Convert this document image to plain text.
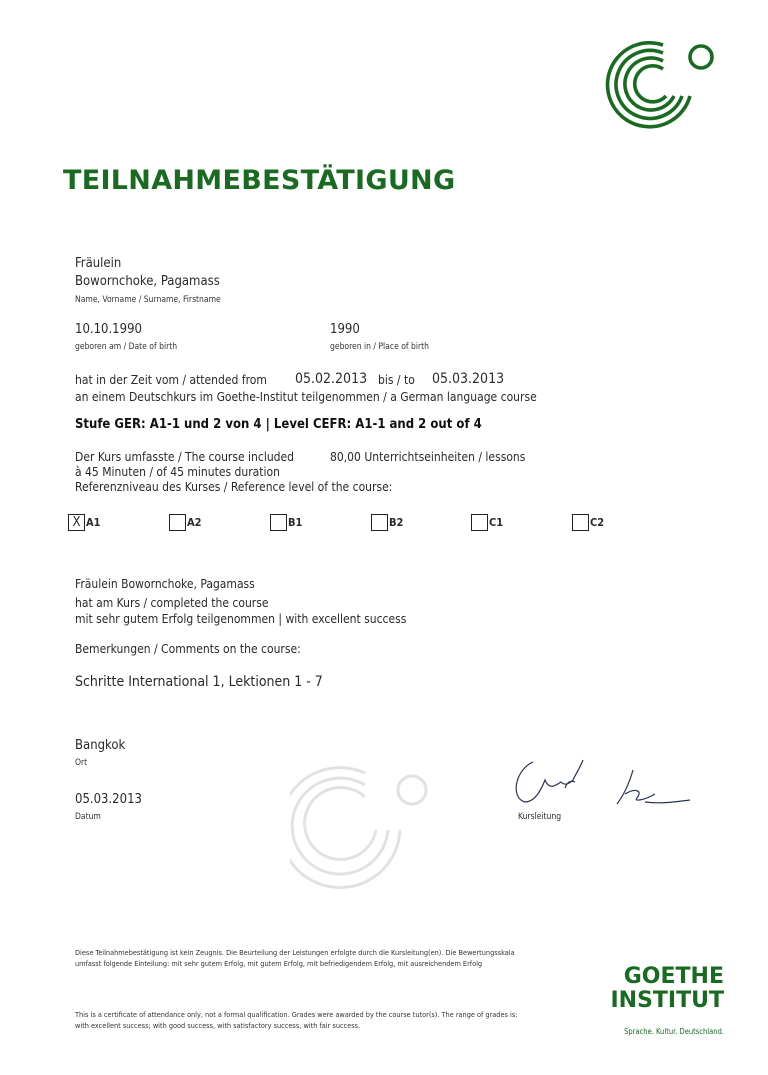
TEILNAHMEBESTÄTIGUNG
Fräulein
Bowornchoke, Pagamass
Name, Vorname / Surname, Firstname
10.10.1990
geboren am / Date of birth
1990
geboren in / Place of birth
hat in der Zeit vom / attended from 05.02.2013 bis / to 05.03.2013
an einem Deutschkurs im Goethe-Institut teilgenommen / a German language course
Stufe GER: A1-1 und 2 von 4 | Level CEFR: A1-1 and 2 out of 4
Der Kurs umfasste / The course included	80,00 Unterrichtseinheiten / lessons
à 45 Minuten / of 45 minutes duration
Referenzniveau des Kurses / Reference level of the course:
X A1	A2	B1	B2	C1	C2
Fräulein Bowornchoke, Pagamass
hat am Kurs / completed the course
mit sehr gutem Erfolg teilgenommen | with excellent success
Bemerkungen / Comments on the course:
Schritte International 1, Lektionen 1 - 7
Bangkok
Ort
05.03.2013
Datum	Kursleitung
Diese Teilnahmebestätigung ist kein Zeugnis. Die Beurteilung der Leistungen erfolgte durch die Kursleitung(en). Die Bewertungsskala umfasst folgende Einteilung: mit sehr gutem Erfolg, mit gutem Erfolg, mit befriedigendem Erfolg, mit ausreichendem Erfolg
This is a certificate of attendance only, not a formal qualification. Grades were awarded by the course tutor(s). The range of grades is: with excellent success; with good success, with satisfactory success, with fair success.
GOETHE
INSTITUT
Sprache. Kultur. Deutschland.
